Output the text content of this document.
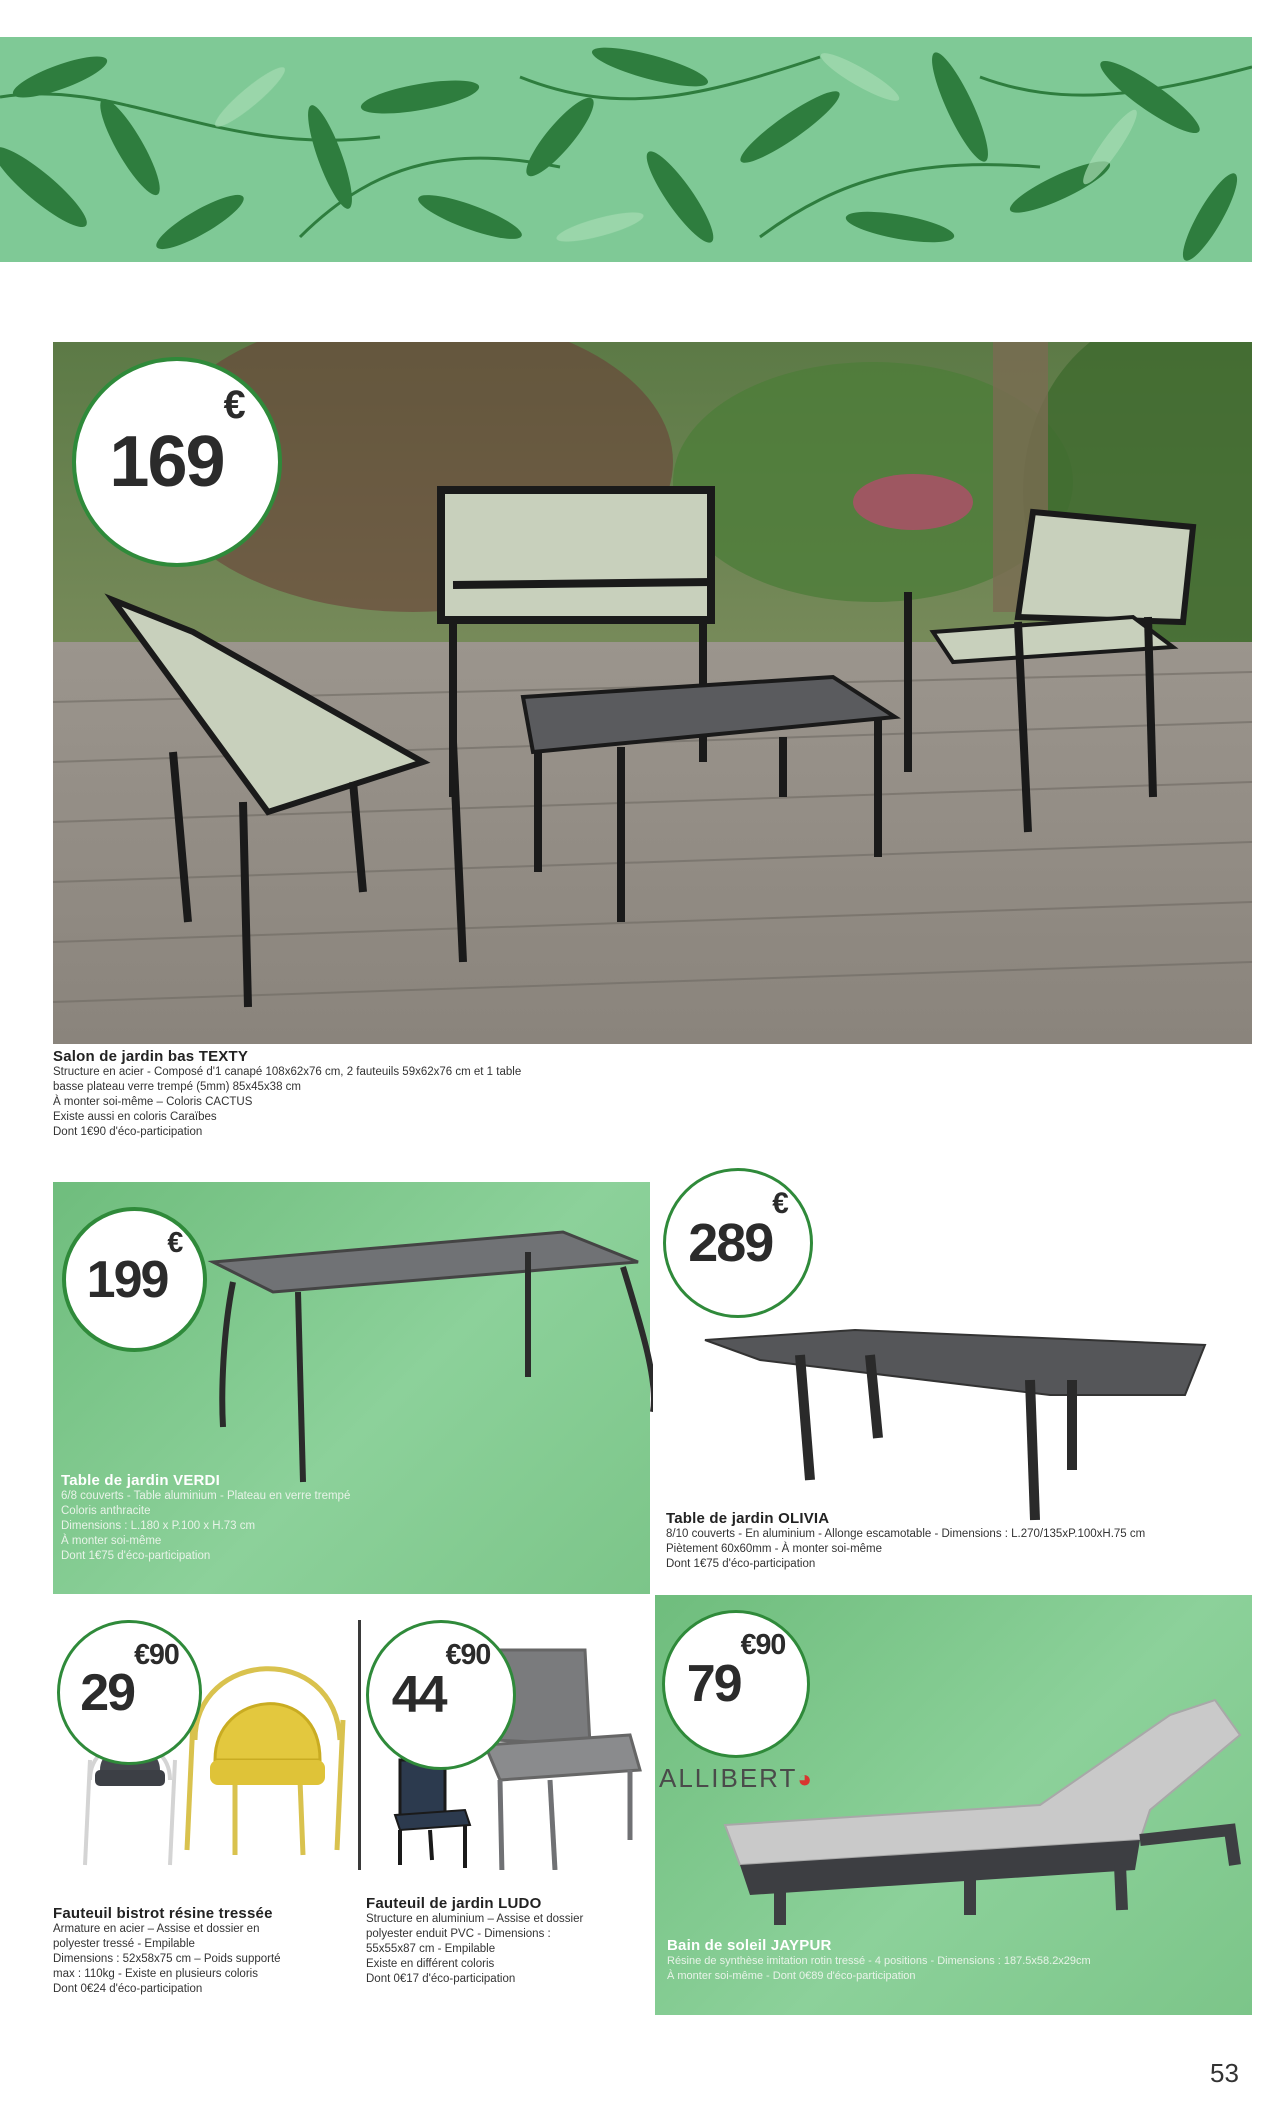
169
€
Salon de jardin bas TEXTY
Structure en acier - Composé d'1 canapé 108x62x76 cm, 2 fauteuils 59x62x76 cm et 1 table
basse plateau verre trempé (5mm) 85x45x38 cm
À monter soi-même – Coloris CACTUS
Existe aussi en coloris Caraïbes
Dont 1€90 d'éco-participation
Table de jardin VERDI
6/8 couverts - Table aluminium - Plateau en verre trempé
Coloris anthracite
Dimensions : L.180 x P.100 x H.73 cm
À monter soi-même
Dont 1€75 d'éco-participation
199
€	289
€
Table de jardin OLIVIA
8/10 couverts - En aluminium - Allonge escamotable - Dimensions : L.270/135xP.100xH.75 cm
Piètement 60x60mm - À monter soi-même
Dont 1€75 d'éco-participation
29
€90
Fauteuil bistrot résine tressée
Armature en acier – Assise et dossier en
polyester tressé - Empilable
Dimensions : 52x58x75 cm – Poids supporté
max : 110kg - Existe en plusieurs coloris
Dont 0€24 d'éco-participation
44
€90
Fauteuil de jardin LUDO
Structure en aluminium – Assise et dossier
polyester enduit PVC - Dimensions :
55x55x87 cm - Empilable
Existe en différent coloris
Dont 0€17 d'éco-participation
ALLIBERT◕
Bain de soleil JAYPUR
Résine de synthèse imitation rotin tressé - 4 positions - Dimensions : 187.5x58.2x29cm
À monter soi-même - Dont 0€89 d'éco-participation
79
€90
53
